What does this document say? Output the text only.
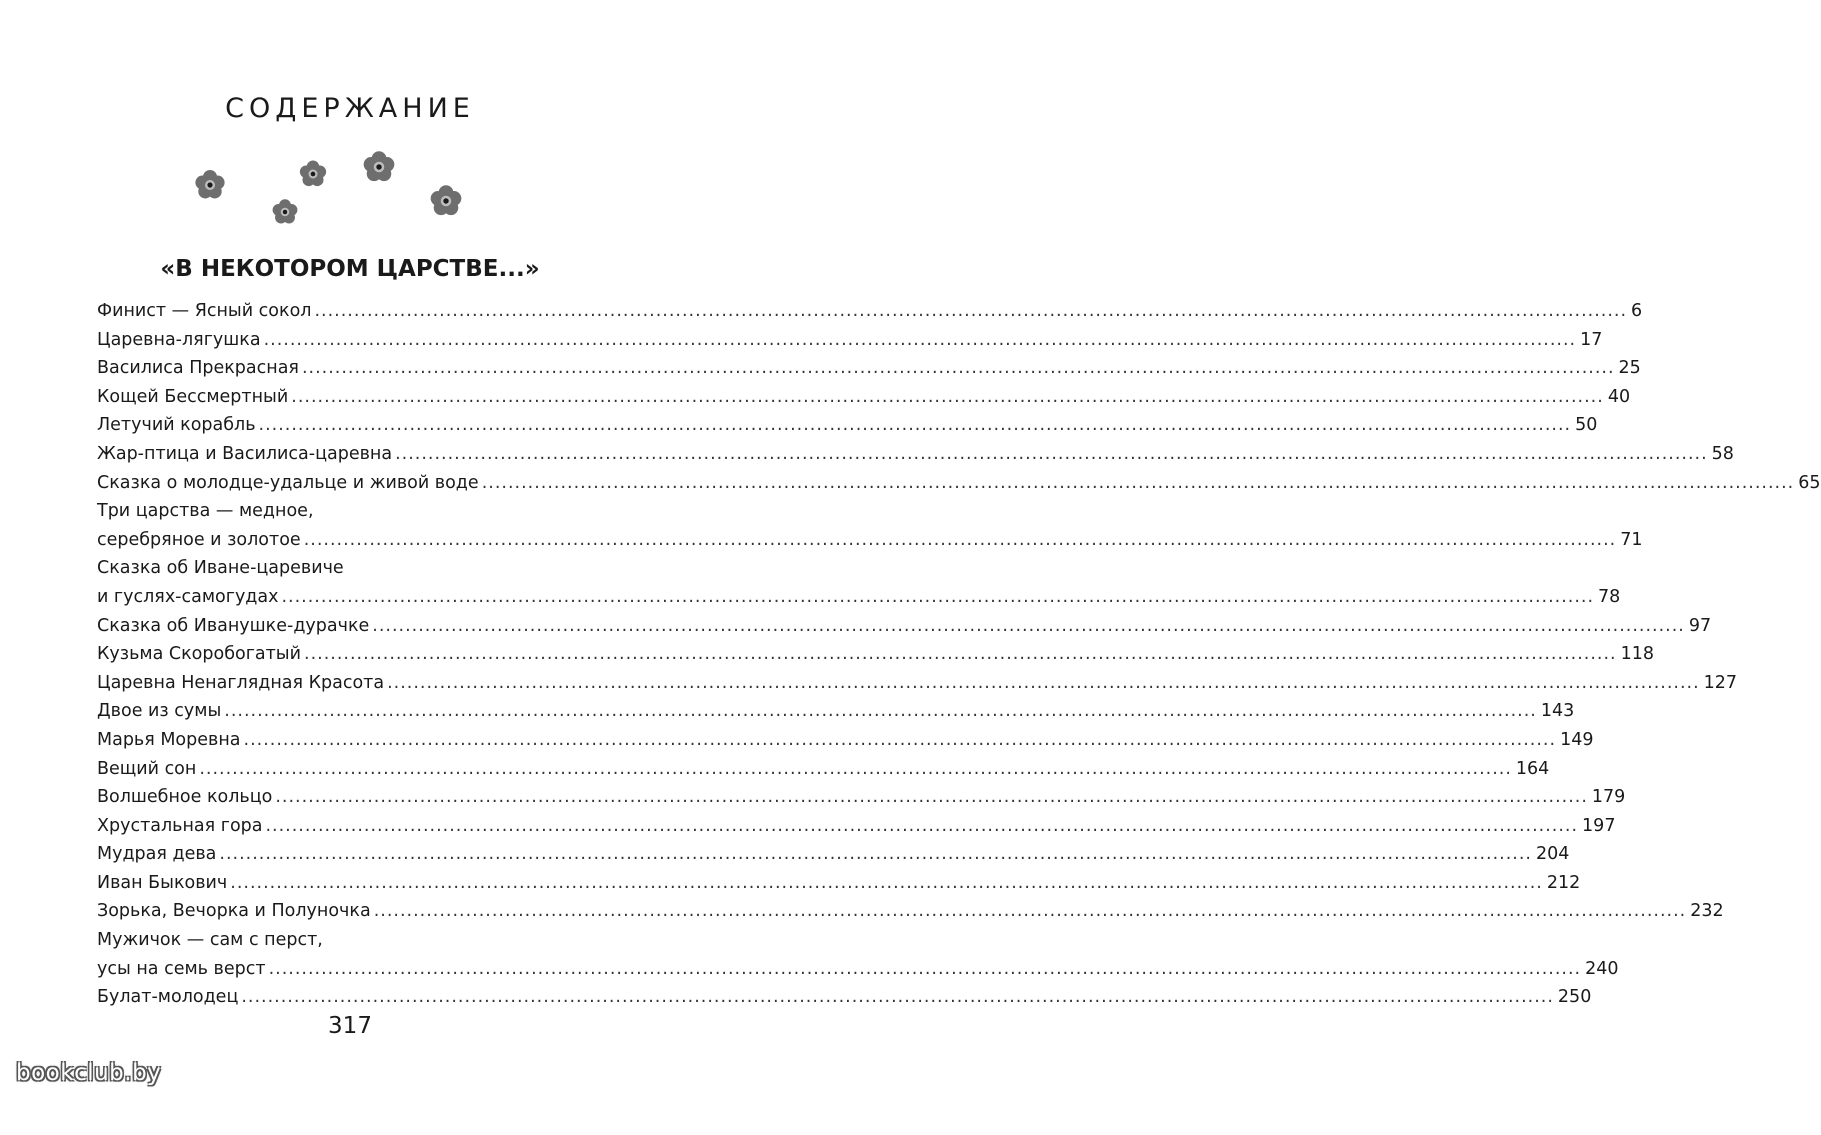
СОДЕРЖАНИЕ
«В НЕКОТОРОМ ЦАРСТВЕ...»
Финист — Ясный сокол ........................................................................................................................................................................................................ 6
Царевна-лягушка ........................................................................................................................................................................................................ 17
Василиса Прекрасная ........................................................................................................................................................................................................ 25
Кощей Бессмертный ........................................................................................................................................................................................................ 40
Летучий корабль ........................................................................................................................................................................................................ 50
Жар-птица и Василиса-царевна ........................................................................................................................................................................................................ 58
Сказка о молодце-удальце и живой воде ........................................................................................................................................................................................................ 65
Три царства — медное,
серебряное и золотое ........................................................................................................................................................................................................ 71
Сказка об Иване-царевиче
и гуслях-самогудах ........................................................................................................................................................................................................ 78
Сказка об Иванушке-дурачке ........................................................................................................................................................................................................ 97
Кузьма Скоробогатый ........................................................................................................................................................................................................ 118
Царевна Ненаглядная Красота ........................................................................................................................................................................................................ 127
Двое из сумы ........................................................................................................................................................................................................ 143
Марья Моревна ........................................................................................................................................................................................................ 149
Вещий сон ........................................................................................................................................................................................................ 164
Волшебное кольцо ........................................................................................................................................................................................................ 179
Хрустальная гора ........................................................................................................................................................................................................ 197
Мудрая дева ........................................................................................................................................................................................................ 204
Иван Быкович ........................................................................................................................................................................................................ 212
Зорька, Вечорка и Полуночка ........................................................................................................................................................................................................ 232
Мужичок — сам с перст,
усы на семь верст ........................................................................................................................................................................................................ 240
Булат-молодец ........................................................................................................................................................................................................ 250
317
bookclub.by
